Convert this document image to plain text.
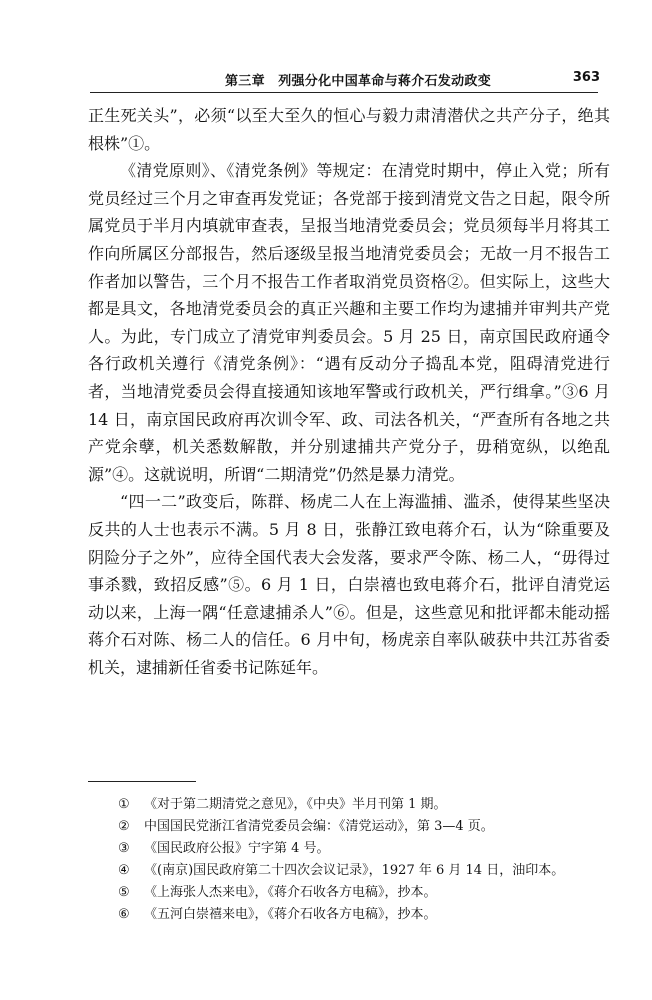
第三章　列强分化中国革命与蒋介石发动政变	363

正生死关头”，必须“以至大至久的恒心与毅力肃清潜伏之共产分子，绝其根株”①。

《清党原则》、《清党条例》等规定：在清党时期中，停止入党；所有党员经过三个月之审查再发党证；各党部于接到清党文告之日起，限令所属党员于半月内填就审查表，呈报当地清党委员会；党员须每半月将其工作向所属区分部报告，然后逐级呈报当地清党委员会；无故一月不报告工作者加以警告，三个月不报告工作者取消党员资格②。但实际上，这些大都是具文，各地清党委员会的真正兴趣和主要工作均为逮捕并审判共产党人。为此，专门成立了清党审判委员会。5 月 25 日，南京国民政府通令各行政机关遵行《清党条例》：“遇有反动分子捣乱本党，阻碍清党进行者，当地清党委员会得直接通知该地军警或行政机关，严行缉拿。”③6 月 14 日，南京国民政府再次训令军、政、司法各机关，“严查所有各地之共产党余孽，机关悉数解散，并分别逮捕共产党分子，毋稍宽纵，以绝乱源”④。这就说明，所谓“二期清党”仍然是暴力清党。

“四一二”政变后，陈群、杨虎二人在上海滥捕、滥杀，使得某些坚决反共的人士也表示不满。5 月 8 日，张静江致电蒋介石，认为“除重要及阴险分子之外”，应待全国代表大会发落，要求严令陈、杨二人，“毋得过事杀戮，致招反感”⑤。6 月 1 日，白崇禧也致电蒋介石，批评自清党运动以来，上海一隅“任意逮捕杀人”⑥。但是，这些意见和批评都未能动摇蒋介石对陈、杨二人的信任。6 月中旬，杨虎亲自率队破获中共江苏省委机关，逮捕新任省委书记陈延年。

①	《对于第二期清党之意见》，《中央》半月刊第 1 期。
②	中国国民党浙江省清党委员会编：《清党运动》，第 3—4 页。
③	《国民政府公报》宁字第 4 号。
④	《(南京)国民政府第二十四次会议记录》，1927 年 6 月 14 日，油印本。
⑤	《上海张人杰来电》，《蒋介石收各方电稿》，抄本。
⑥	《五河白崇禧来电》，《蒋介石收各方电稿》，抄本。
